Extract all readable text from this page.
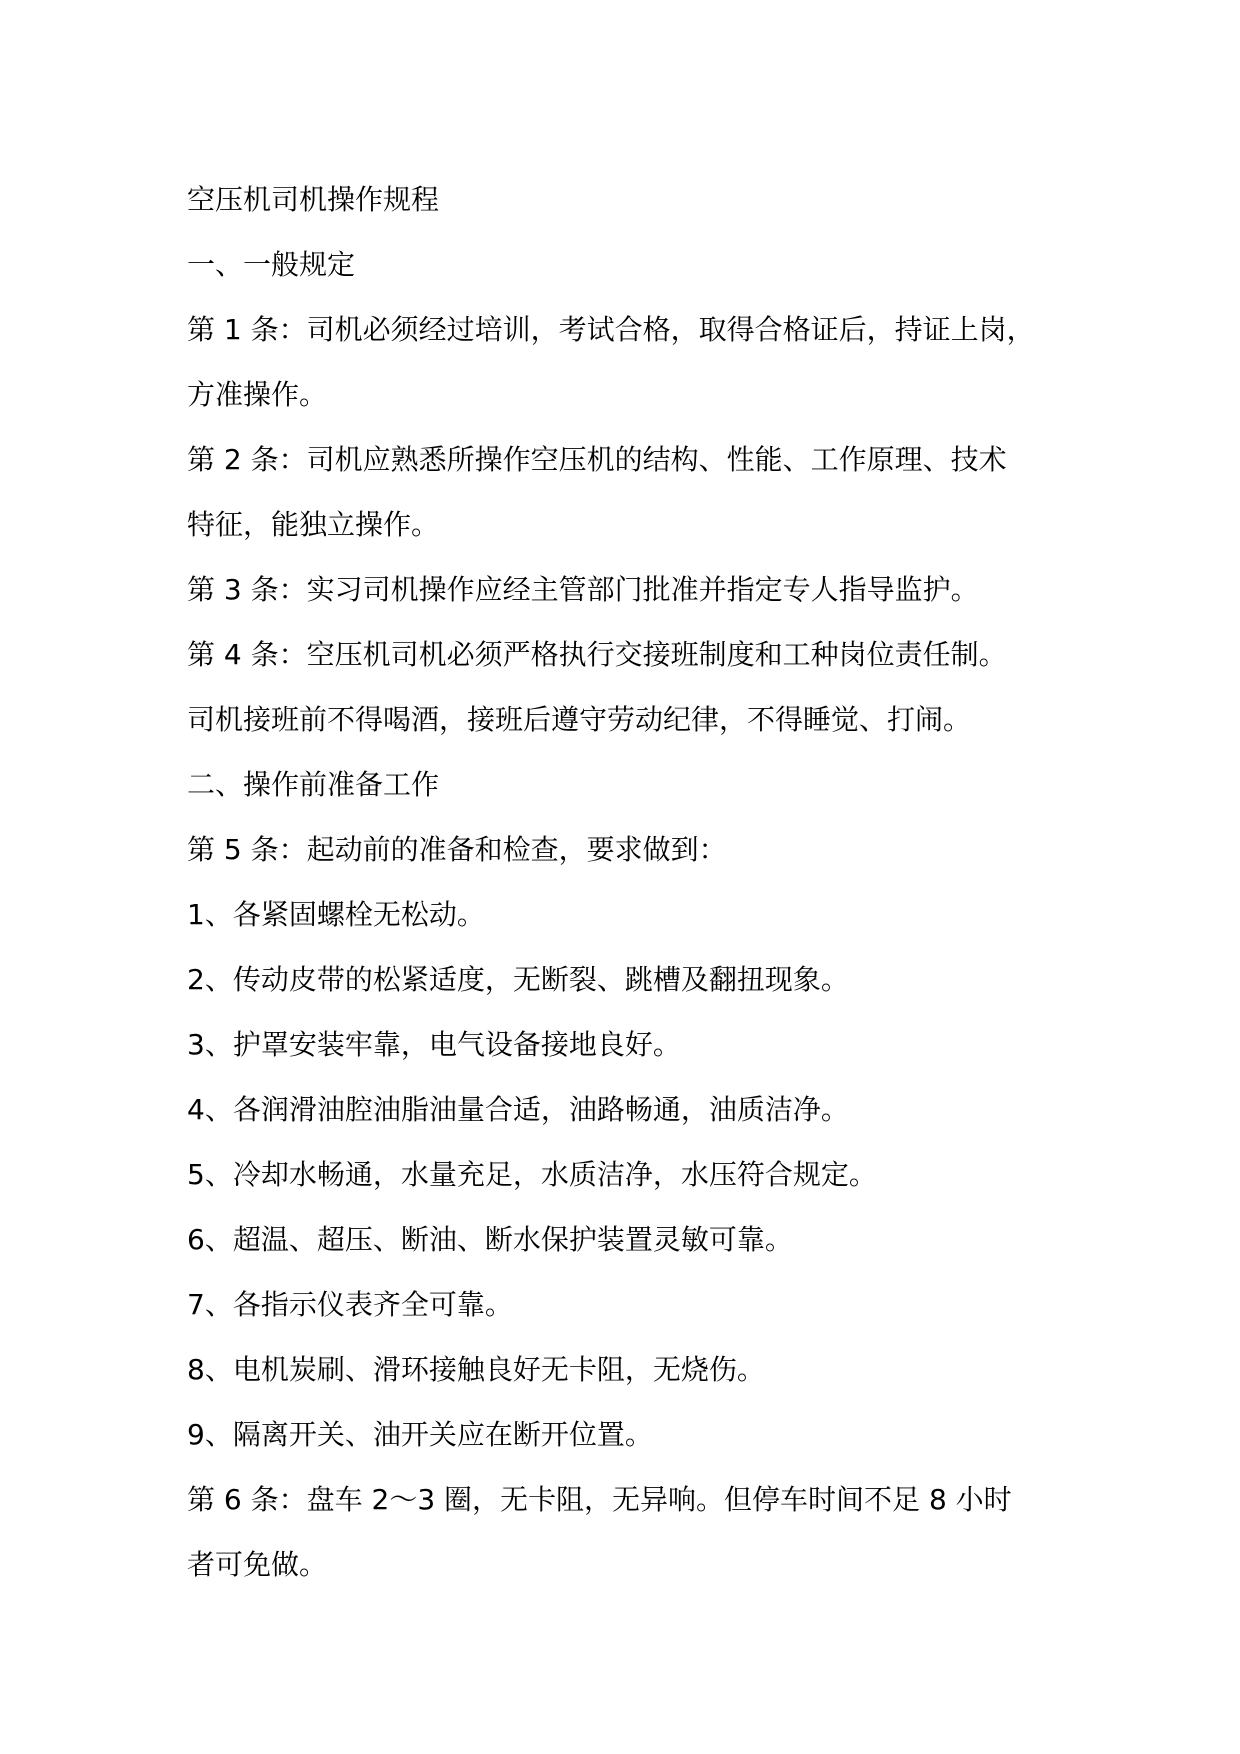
空压机司机操作规程

一、一般规定

第 1 条：司机必须经过培训，考试合格，取得合格证后，持证上岗，

方准操作。

第 2 条：司机应熟悉所操作空压机的结构、性能、工作原理、技术

特征，能独立操作。

第 3 条：实习司机操作应经主管部门批准并指定专人指导监护。

第 4 条：空压机司机必须严格执行交接班制度和工种岗位责任制。

司机接班前不得喝酒，接班后遵守劳动纪律，不得睡觉、打闹。

二、操作前准备工作

第 5 条：起动前的准备和检查，要求做到：

1、各紧固螺栓无松动。

2、传动皮带的松紧适度，无断裂、跳槽及翻扭现象。

3、护罩安装牢靠，电气设备接地良好。

4、各润滑油腔油脂油量合适，油路畅通，油质洁净。

5、冷却水畅通，水量充足，水质洁净，水压符合规定。

6、超温、超压、断油、断水保护装置灵敏可靠。

7、各指示仪表齐全可靠。

8、电机炭刷、滑环接触良好无卡阻，无烧伤。

9、隔离开关、油开关应在断开位置。

第 6 条：盘车 2～3 圈，无卡阻，无异响。但停车时间不足 8 小时

者可免做。
